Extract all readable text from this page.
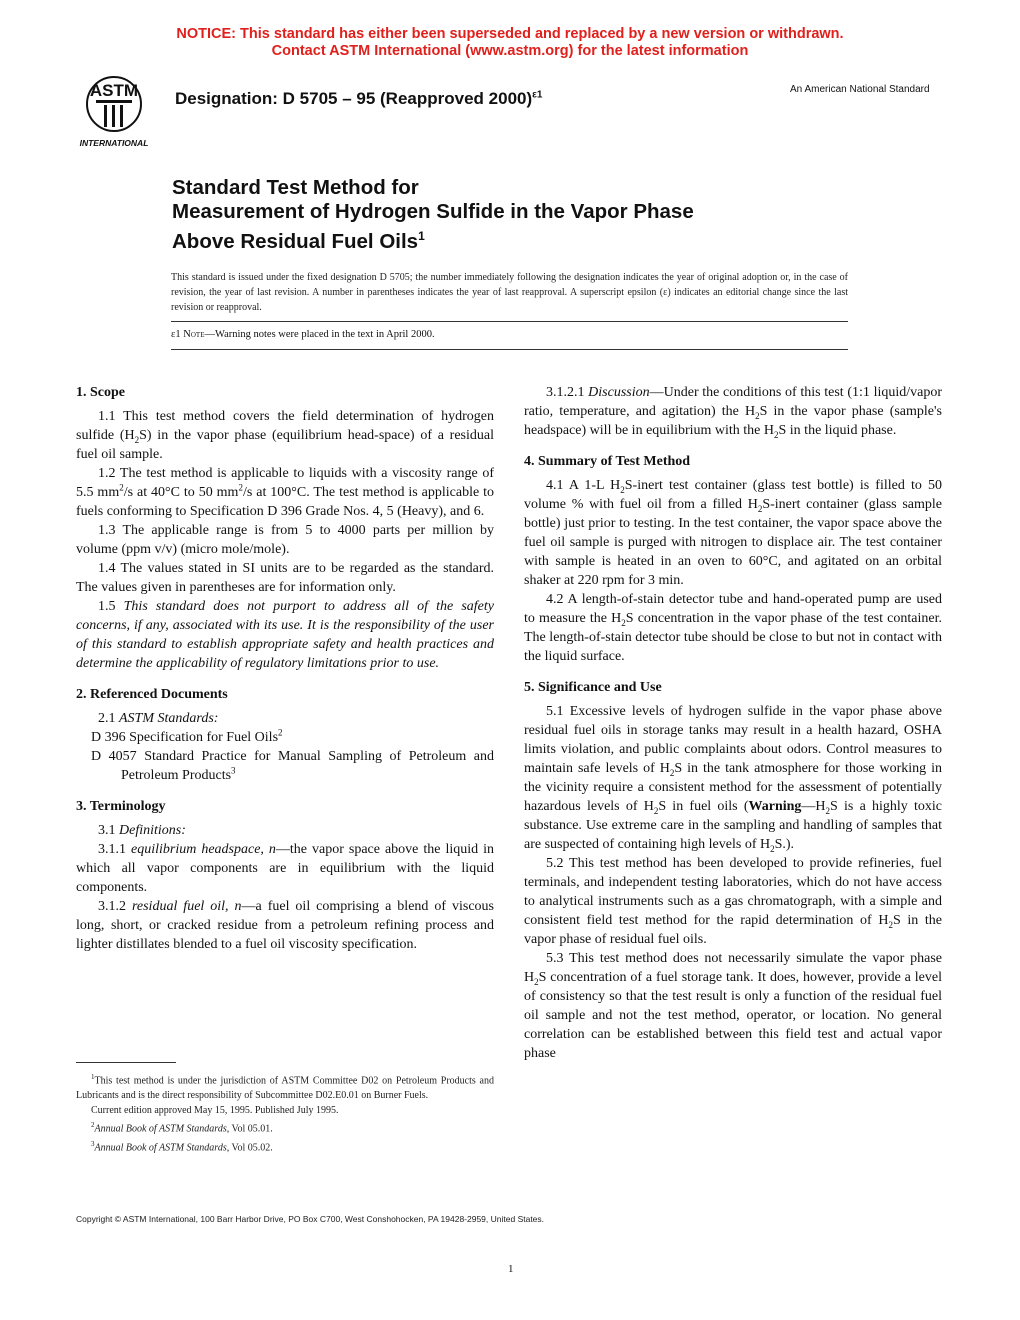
NOTICE: This standard has either been superseded and replaced by a new version or withdrawn.
Contact ASTM International (www.astm.org) for the latest information
ASTM
INTERNATIONAL
Designation: D 5705 – 95 (Reapproved 2000)$^{\varepsilon 1}$	An American National Standard
Standard Test Method for
Measurement of Hydrogen Sulfide in the Vapor Phase
Above Residual Fuel Oils$^1$
This standard is issued under the fixed designation D 5705; the number immediately following the designation indicates the year of original adoption or, in the case of revision, the year of last revision. A number in parentheses indicates the year of last reapproval. A superscript epsilon (ε) indicates an editorial change since the last revision or reapproval.
ε1 Note—Warning notes were placed in the text in April 2000.
1. Scope

1.1 This test method covers the field determination of hydrogen sulfide $(H_2S)$ in the vapor phase (equilibrium head-space) of a residual fuel oil sample.

1.2 The test method is applicable to liquids with a viscosity range of 5.5 $mm^2/s$ at 40°C to 50 $mm^2/s$ at 100°C. The test method is applicable to fuels conforming to Specification D 396 Grade Nos. 4, 5 (Heavy), and 6.

1.3 The applicable range is from 5 to 4000 parts per million by volume (ppm v/v) (micro mole/mole).

1.4 The values stated in SI units are to be regarded as the standard. The values given in parentheses are for information only.

1.5 This standard does not purport to address all of the safety concerns, if any, associated with its use. It is the responsibility of the user of this standard to establish appropriate safety and health practices and determine the applicability of regulatory limitations prior to use.

2. Referenced Documents

2.1 ASTM Standards:

D 396 Specification for Fuel Oils$^2$

D 4057 Standard Practice for Manual Sampling of Petroleum and Petroleum Products$^3$

3. Terminology

3.1 Definitions:

3.1.1 equilibrium headspace, n—the vapor space above the liquid in which all vapor components are in equilibrium with the liquid components.

3.1.2 residual fuel oil, n—a fuel oil comprising a blend of viscous long, short, or cracked residue from a petroleum refining process and lighter distillates blended to a fuel oil viscosity specification.

$^1$This test method is under the jurisdiction of ASTM Committee D02 on Petroleum Products and Lubricants and is the direct responsibility of Subcommittee D02.E0.01 on Burner Fuels.

Current edition approved May 15, 1995. Published July 1995.

$^2$Annual Book of ASTM Standards, Vol 05.01.

$^3$Annual Book of ASTM Standards, Vol 05.02.

3.1.2.1 Discussion—Under the conditions of this test (1:1 liquid/vapor ratio, temperature, and agitation) the $H_2S$ in the vapor phase (sample's headspace) will be in equilibrium with the $H_2S$ in the liquid phase.

4. Summary of Test Method

4.1 A 1-L $H_2S$-inert test container (glass test bottle) is filled to 50 volume % with fuel oil from a filled $H_2S$-inert container (glass sample bottle) just prior to testing. In the test container, the vapor space above the fuel oil sample is purged with nitrogen to displace air. The test container with sample is heated in an oven to 60°C, and agitated on an orbital shaker at 220 rpm for 3 min.

4.2 A length-of-stain detector tube and hand-operated pump are used to measure the $H_2S$ concentration in the vapor phase of the test container. The length-of-stain detector tube should be close to but not in contact with the liquid surface.

5. Significance and Use

5.1 Excessive levels of hydrogen sulfide in the vapor phase above residual fuel oils in storage tanks may result in a health hazard, OSHA limits violation, and public complaints about odors. Control measures to maintain safe levels of $H_2S$ in the tank atmosphere for those working in the vicinity require a consistent method for the assessment of potentially hazardous levels of $H_2S$ in fuel oils ($Warning—H_2S$ is a highly toxic substance. Use extreme care in the sampling and handling of samples that are suspected of containing high levels of $H_2S$.).

5.2 This test method has been developed to provide refineries, fuel terminals, and independent testing laboratories, which do not have access to analytical instruments such as a gas chromatograph, with a simple and consistent field test method for the rapid determination of $H_2S$ in the vapor phase of residual fuel oils.

5.3 This test method does not necessarily simulate the vapor phase $H_2S$ concentration of a fuel storage tank. It does, however, provide a level of consistency so that the test result is only a function of the residual fuel oil sample and not the test method, operator, or location. No general correlation can be established between this field test and actual vapor phase

Copyright © ASTM International, 100 Barr Harbor Drive, PO Box C700, West Conshohocken, PA 19428-2959, United States.
1
